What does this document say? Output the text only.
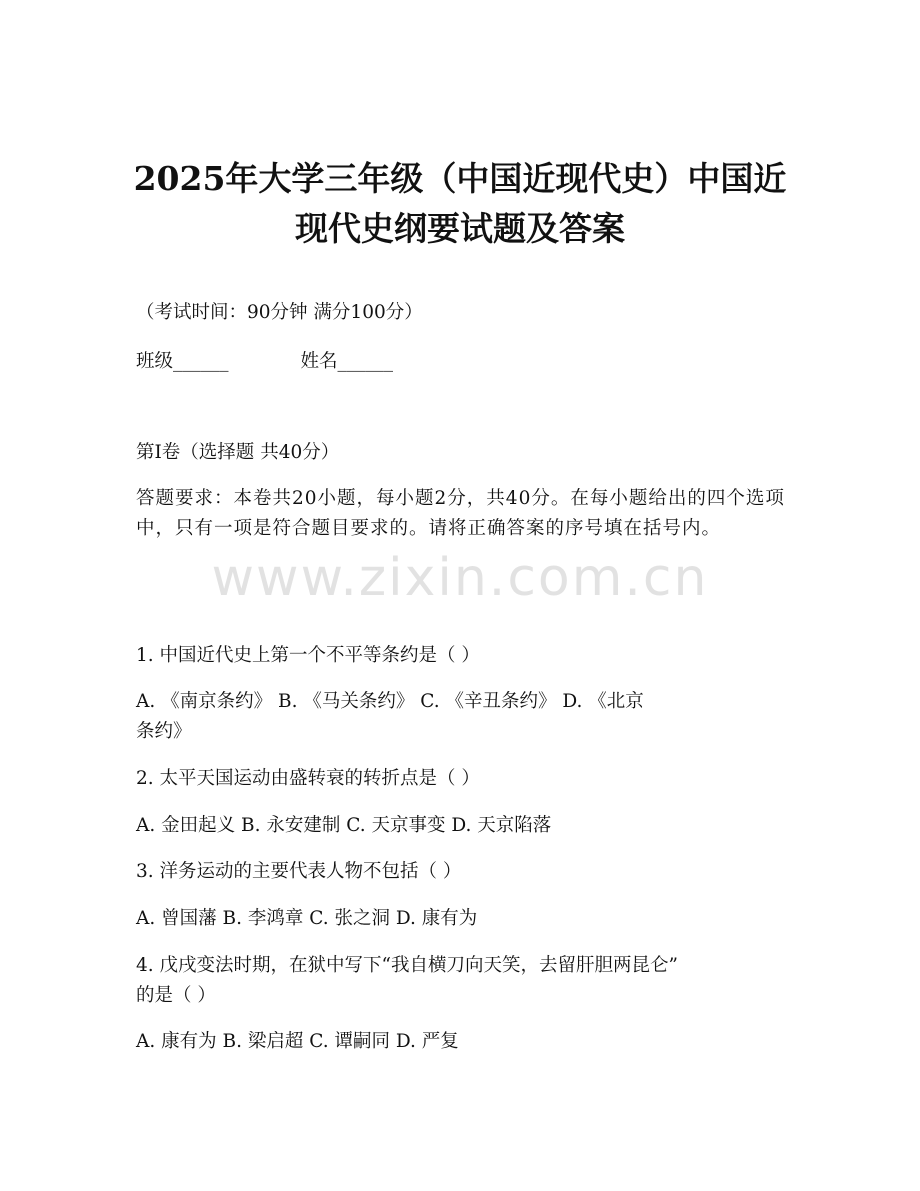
2025年大学三年级（中国近现代史）中国近
现代史纲要试题及答案
（考试时间：90分钟 满分100分）
班级______	姓名______
第I卷（选择题 共40分）
答题要求：本卷共20小题，每小题2分，共40分。在每小题给出的四个选项中，只有一项是符合题目要求的。请将正确答案的序号填在括号内。
www.zixin.com.cn
1. 中国近代史上第一个不平等条约是（ ）
A. 《南京条约》 B. 《马关条约》 C. 《辛丑条约》 D. 《北京
条约》
2. 太平天国运动由盛转衰的转折点是（ ）
A. 金田起义 B. 永安建制 C. 天京事变 D. 天京陷落
3. 洋务运动的主要代表人物不包括（ ）
A. 曾国藩 B. 李鸿章 C. 张之洞 D. 康有为
4. 戊戌变法时期，在狱中写下“我自横刀向天笑，去留肝胆两昆仑”
的是（ ）
A. 康有为 B. 梁启超 C. 谭嗣同 D. 严复
